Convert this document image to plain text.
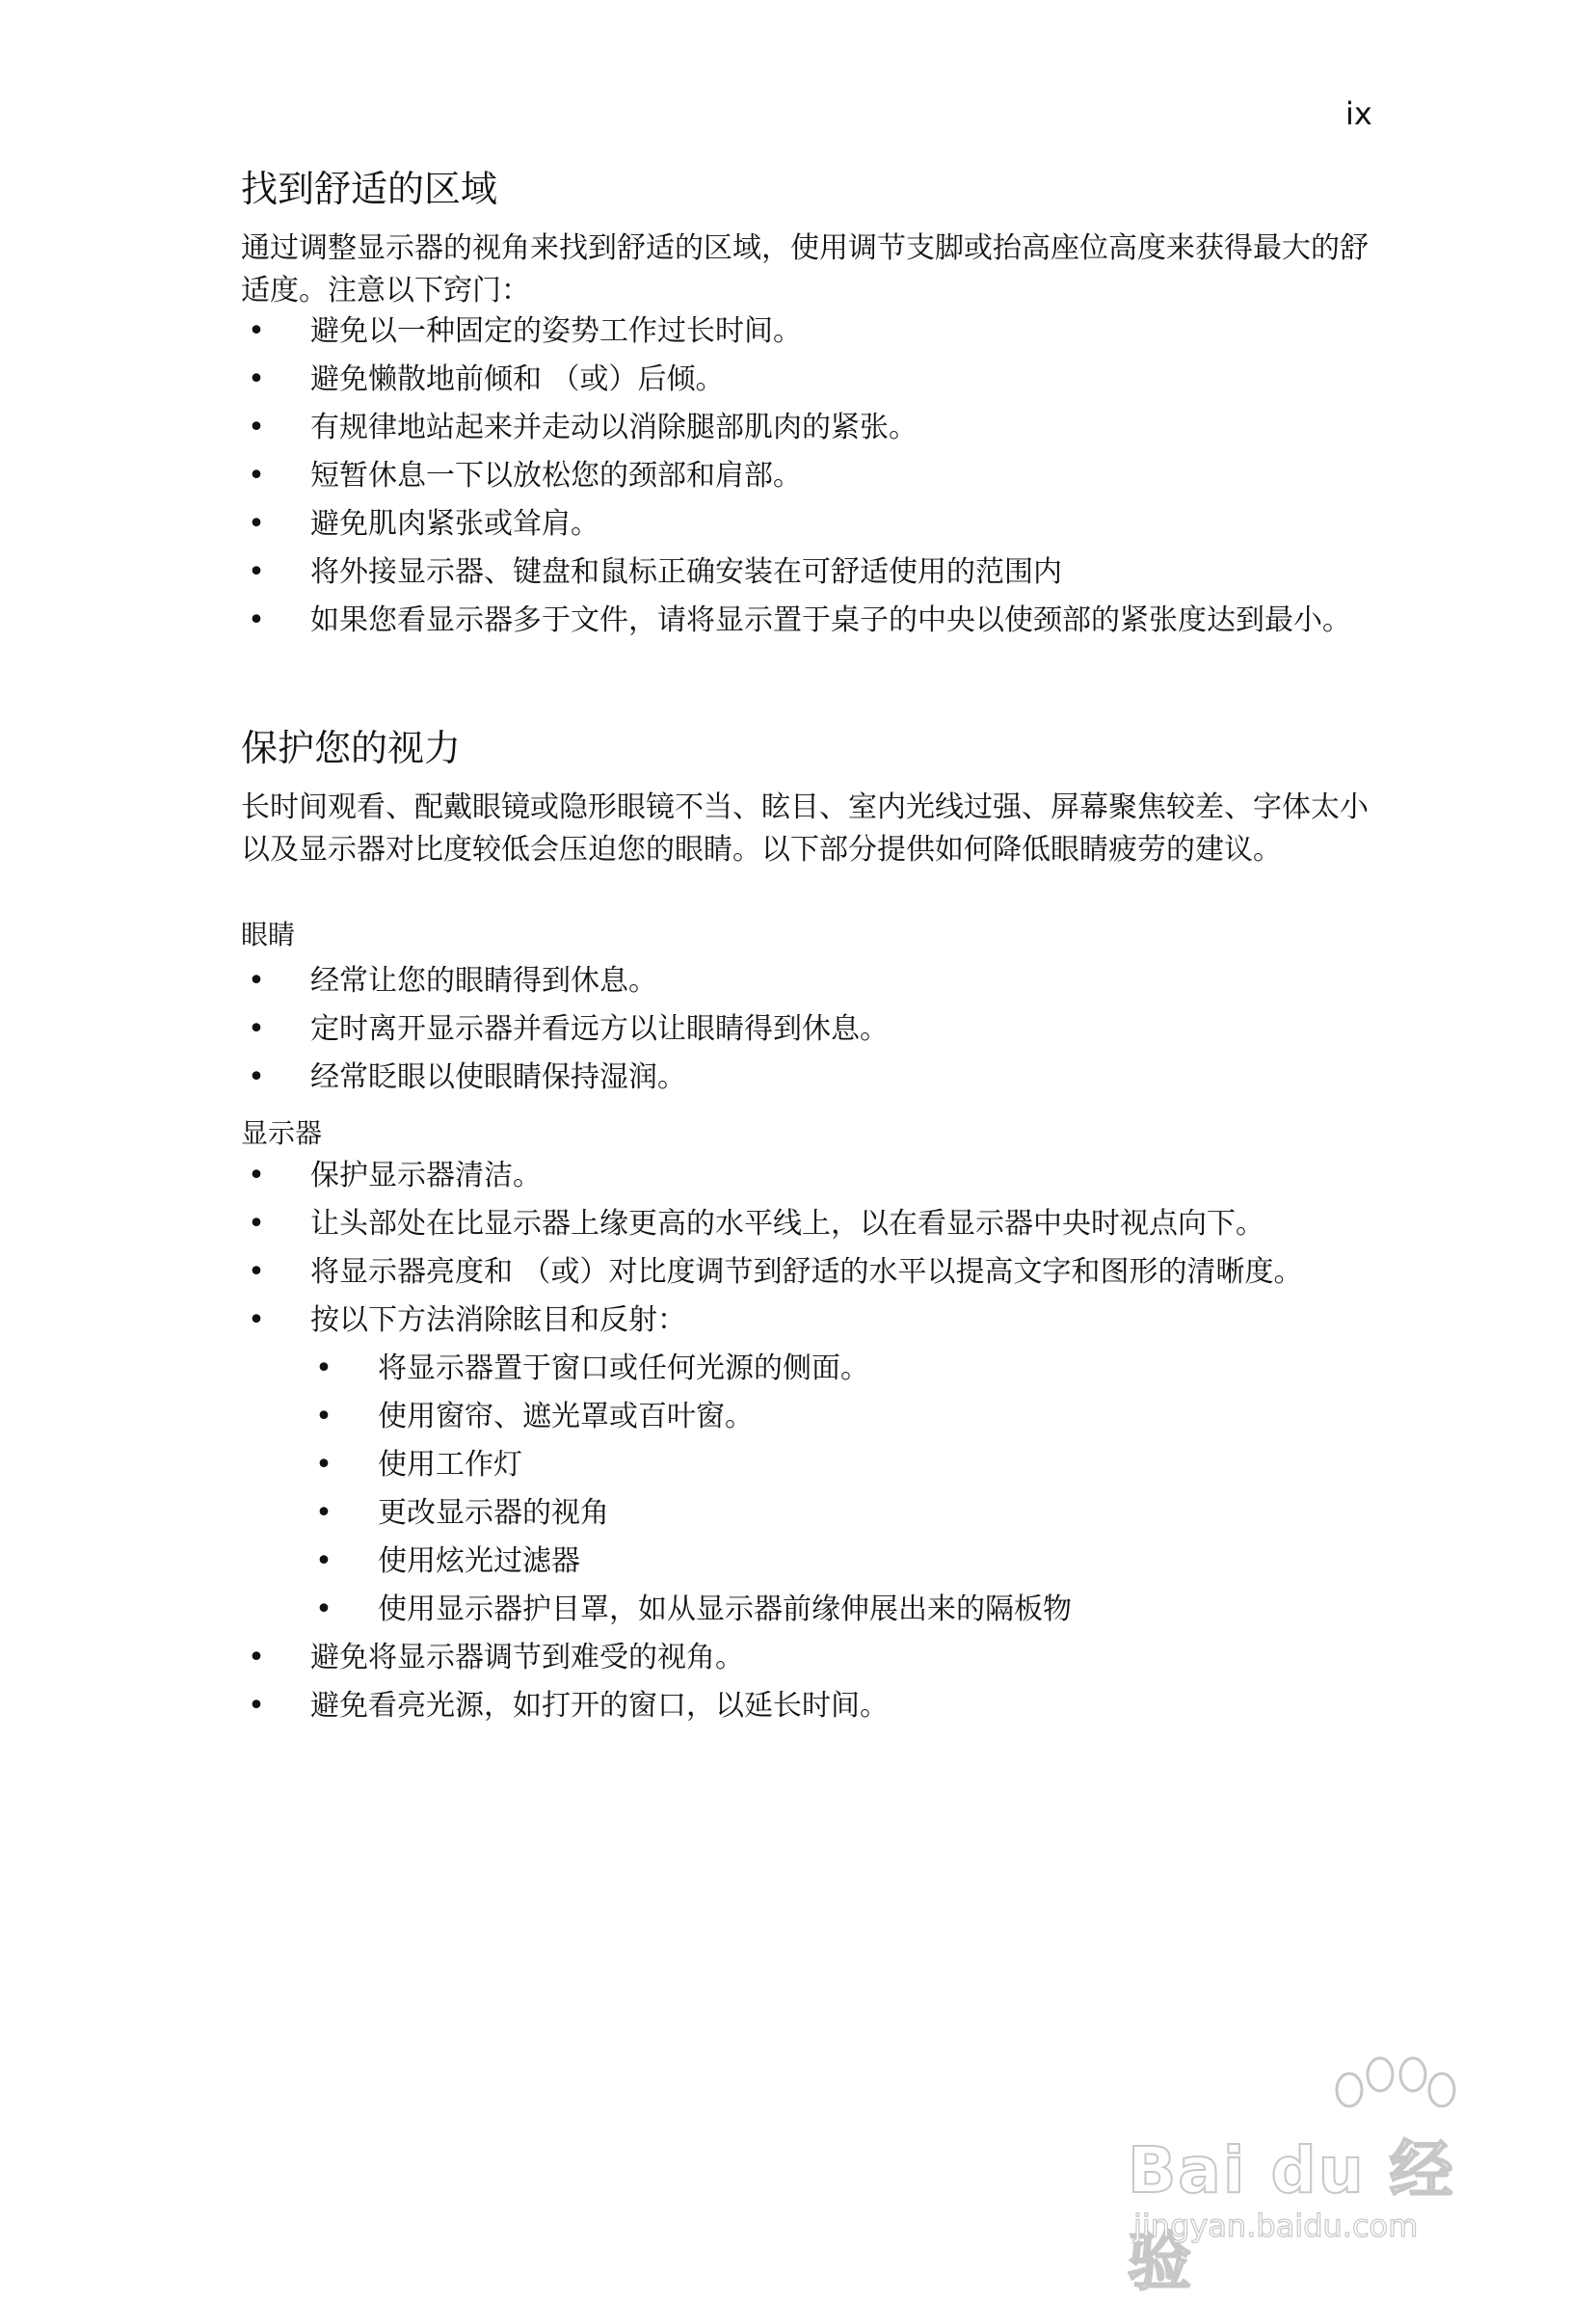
ix
找到舒适的区域

通过调整显示器的视角来找到舒适的区域，使用调节支脚或抬高座位高度来获得最大的舒适度。注意以下窍门：

• 避免以一种固定的姿势工作过长时间。
• 避免懒散地前倾和 （或）后倾。
• 有规律地站起来并走动以消除腿部肌肉的紧张。
• 短暂休息一下以放松您的颈部和肩部。
• 避免肌肉紧张或耸肩。
• 将外接显示器、键盘和鼠标正确安装在可舒适使用的范围内
• 如果您看显示器多于文件，请将显示置于桌子的中央以使颈部的紧张度达到最小。
保护您的视力

长时间观看、配戴眼镜或隐形眼镜不当、眩目、室内光线过强、屏幕聚焦较差、字体太小以及显示器对比度较低会压迫您的眼睛。以下部分提供如何降低眼睛疲劳的建议。

眼睛
• 经常让您的眼睛得到休息。
• 定时离开显示器并看远方以让眼睛得到休息。
• 经常眨眼以使眼睛保持湿润。
显示器
• 保护显示器清洁。
• 让头部处在比显示器上缘更高的水平线上，以在看显示器中央时视点向下。
• 将显示器亮度和 （或）对比度调节到舒适的水平以提高文字和图形的清晰度。
• 按以下方法消除眩目和反射：
• 将显示器置于窗口或任何光源的侧面。
• 使用窗帘、遮光罩或百叶窗。
• 使用工作灯
• 更改显示器的视角
• 使用炫光过滤器
• 使用显示器护目罩，如从显示器前缘伸展出来的隔板物
• 避免将显示器调节到难受的视角。
• 避免看亮光源，如打开的窗口，以延长时间。
Bai du 经验
jingyan.baidu.com
